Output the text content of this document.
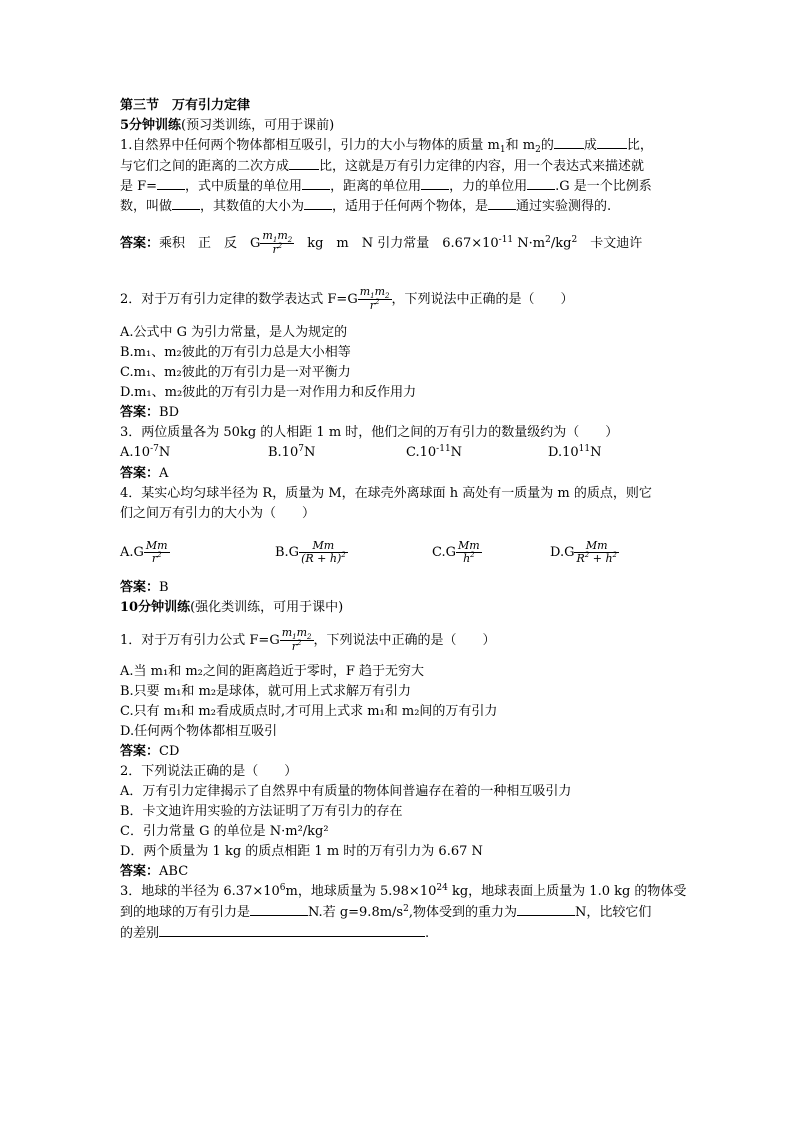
第三节　万有引力定律
5分钟训练(预习类训练，可用于课前)
1.自然界中任何两个物体都相互吸引，引力的大小与物体的质量 $m_1$和 $m_2$的 成 比，
与它们之间的距离的二次方成 比，这就是万有引力定律的内容，用一个表达式来描述就
是 F= ，式中质量的单位用 ，距离的单位用 ，力的单位用 .G 是一个比例系
数，叫做 ，其数值的大小为 ，适用于任何两个物体，是 通过实验测得的.
答案：乘积　正　反　G $\frac{m_1m_2}{r^2}$
　 kg　m　N 引力常量　$6.67\times 10^{-11}$ $N\cdot m^2/kg^2$　卡文迪许
2．对于万有引力定律的数学表达式 $F=G \frac{m_1m_2}{r^2}$ ，下列说法中正确的是（　　）
A.公式中 G 为引力常量，是人为规定的
B.m₁、m₂彼此的万有引力总是大小相等
C.m₁、m₂彼此的万有引力是一对平衡力
D.m₁、m₂彼此的万有引力是一对作用力和反作用力
答案：BD
3．两位质量各为 50kg 的人相距 1 m 时，他们之间的万有引力的数量级约为（　　）
A.10-7N	B.107N	C.10-11N	D.1011N
答案：A
4．某实心均匀球半径为 R，质量为 M，在球壳外离球面 h 高处有一质量为 m 的质点，则它
们之间万有引力的大小为（　　）
$A.G \frac{Mm}{r2}$	$B.G \frac{Mm}{(R + h)2}$	$C.G \frac{Mm}{h2}$	$D.G \frac{Mm}{R2 + h2}$
答案：B
10分钟训练(强化类训练，可用于课中)
1．对于万有引力公式 $F=G \frac{m_1m_2}{r^2}$ ，下列说法中正确的是（　　）
A.当 m₁和 m₂之间的距离趋近于零时，F 趋于无穷大
B.只要 m₁和 m₂是球体，就可用上式求解万有引力
C.只有 m₁和 m₂看成质点时,才可用上式求 m₁和 m₂间的万有引力
D.任何两个物体都相互吸引
答案：CD
2．下列说法正确的是（　　）
A．万有引力定律揭示了自然界中有质量的物体间普遍存在着的一种相互吸引力
B．卡文迪许用实验的方法证明了万有引力的存在
C．引力常量 G 的单位是 N·m²/kg²
D．两个质量为 1 kg 的质点相距 1 m 时的万有引力为 6.67 N
答案：ABC
3．地球的半径为 $6.37\times 10^6m$，地球质量为 $5.98\times 10^{24}$ kg，地球表面上质量为 1.0 kg 的物体受
到的地球的万有引力是	N.若 $g=9.8m/s^2$,物体受到的重力为	N，比较它们
的差别	.
